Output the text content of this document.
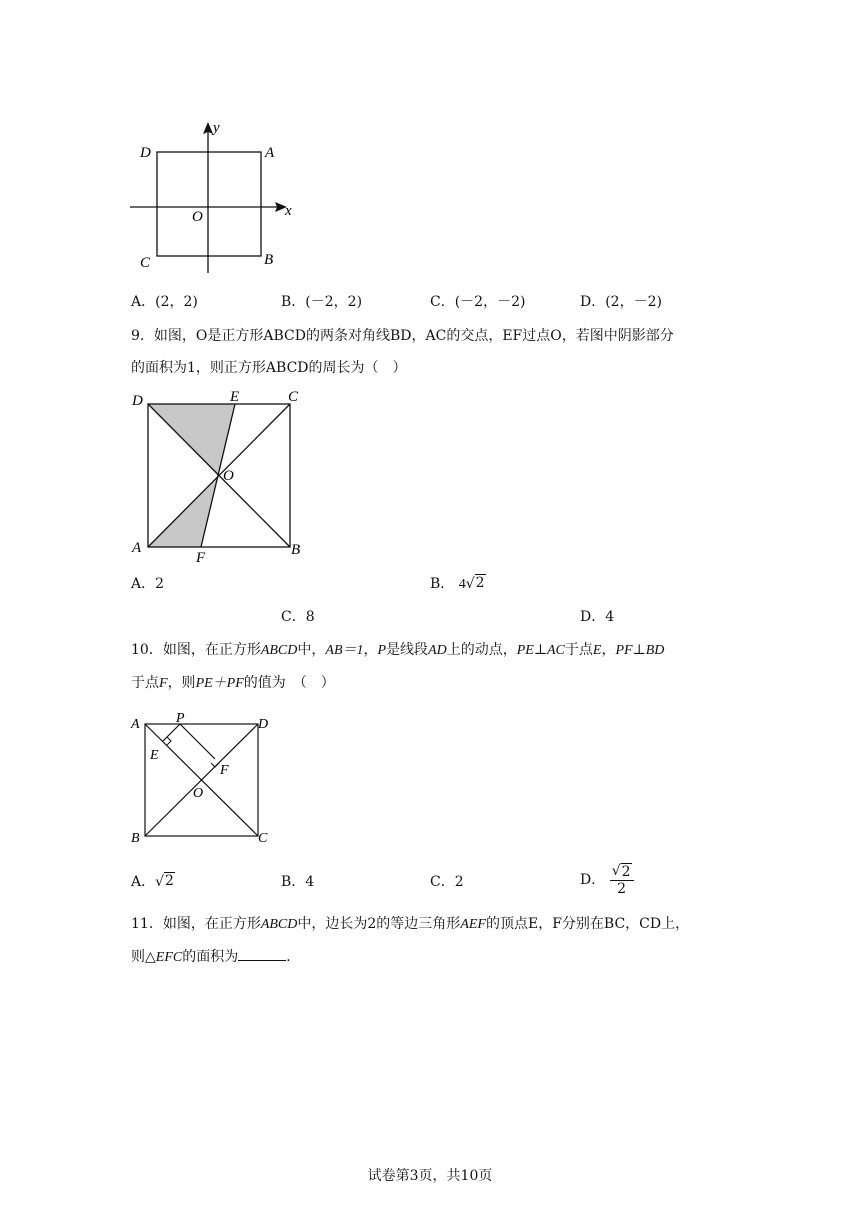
D	A
C	B
O	x
y
A．(2，2)	B．(－2，2)	C．(－2，－2)	D．(2，－2)
9．如图，O是正方形ABCD的两条对角线BD，AC的交点，EF过点O，若图中阴影部分
的面积为1，则正方形ABCD的周长为（　）
D	E	C
O
A
F	B
A．2	B． 4 √ 2
C．8	D．4
10．如图，在正方形ABCD中，AB＝1，P是线段AD上的动点，PE⊥AC于点E，PF⊥BD
于点F，则PE＋PF的值为　（　）
A	P	D
E
F
O
B	C
A． √ 2	B．4	C．2	D． $\frac{√ 2}{2}$
11．如图，在正方形ABCD中，边长为2的等边三角形AEF的顶点E，F分别在BC，CD上，
则△EFC的面积为	．
试卷第3页，共10页
